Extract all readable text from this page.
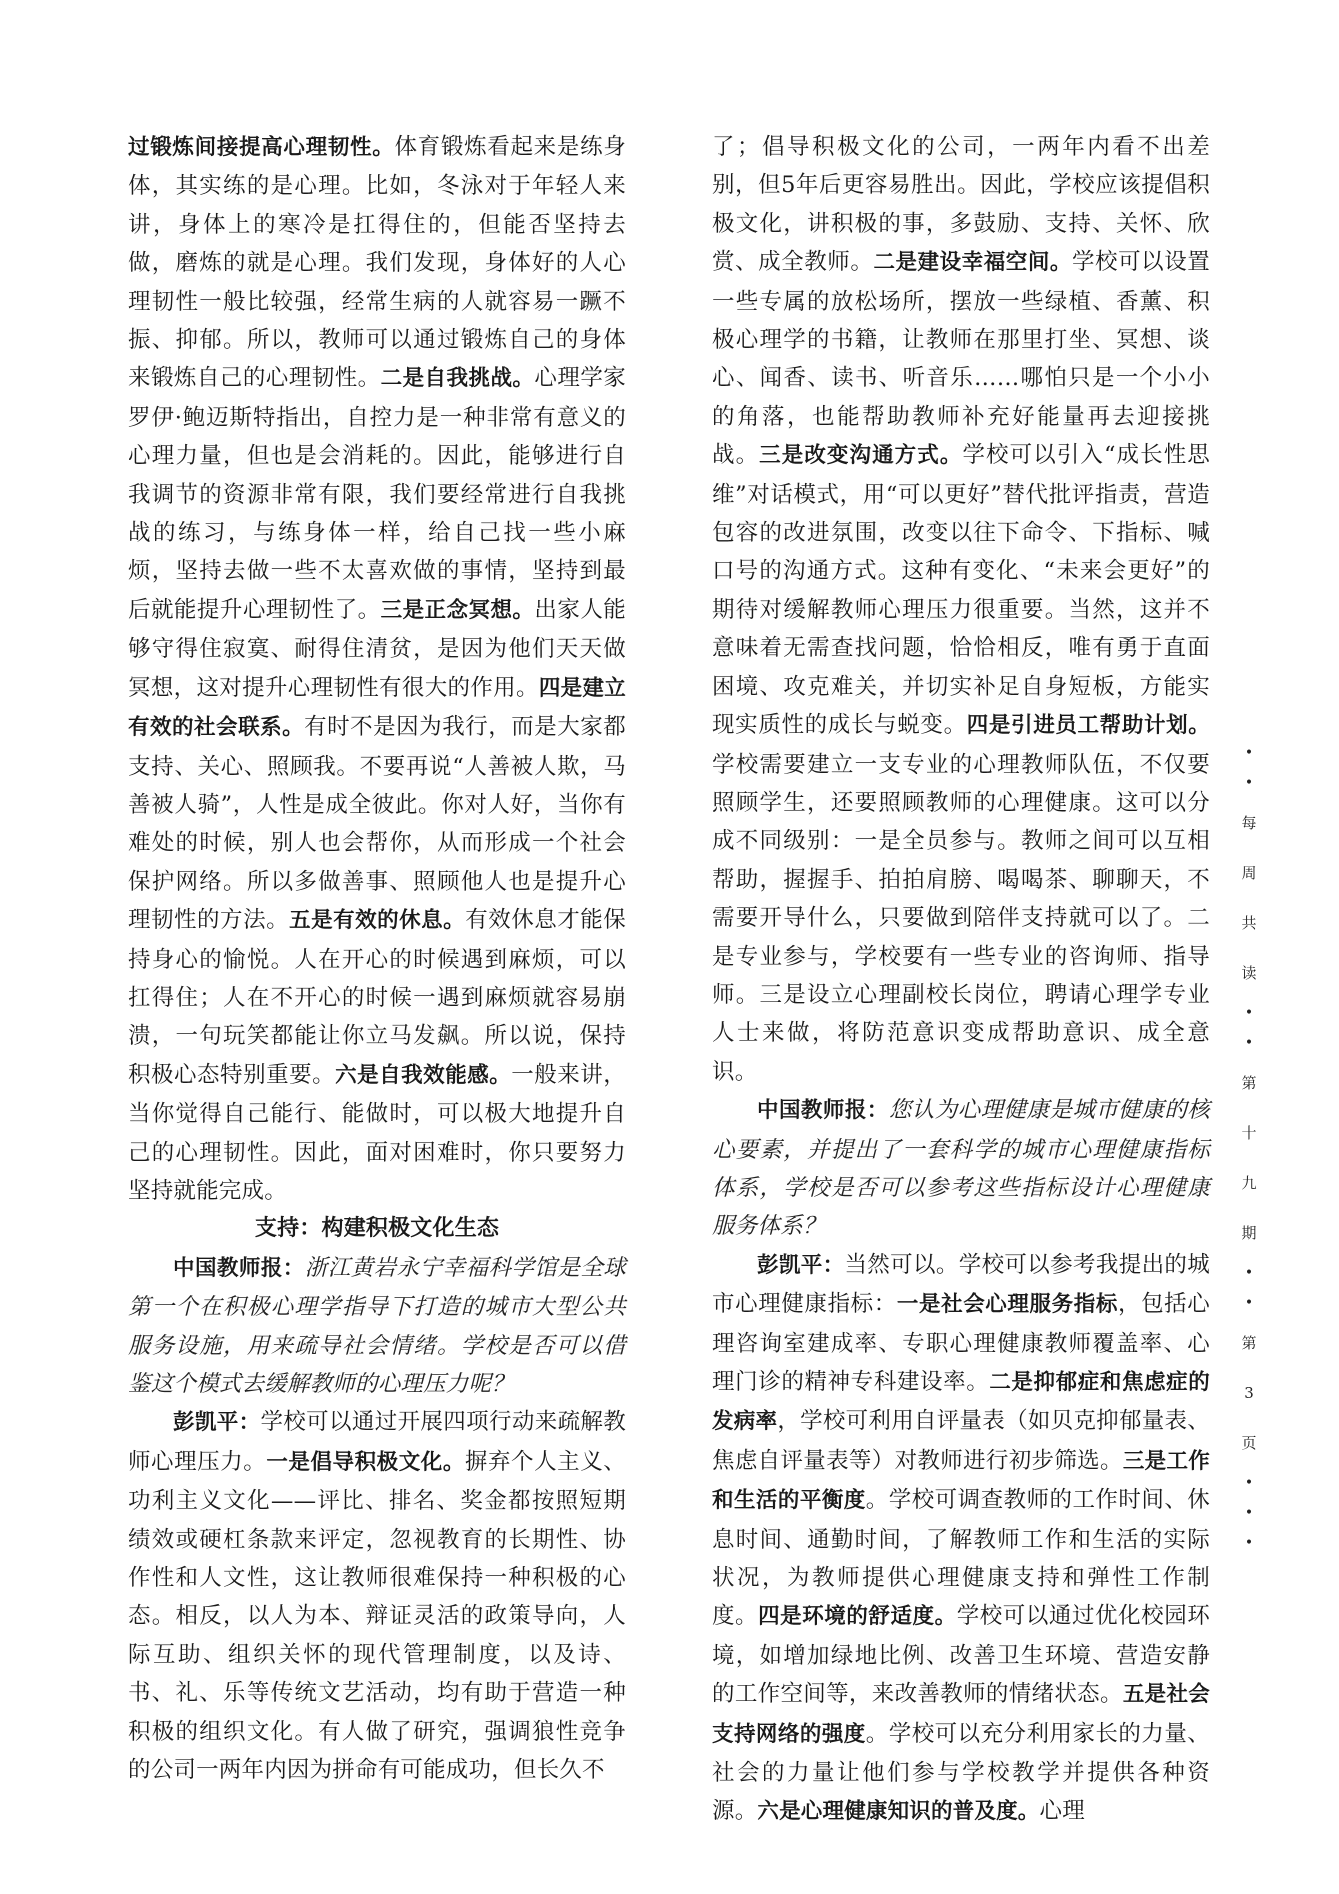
过锻炼间接提高心理韧性。体育锻炼看起来是练身体，其实练的是心理。比如，冬泳对于年轻人来讲，身体上的寒冷是扛得住的，但能否坚持去做，磨炼的就是心理。我们发现，身体好的人心理韧性一般比较强，经常生病的人就容易一蹶不振、抑郁。所以，教师可以通过锻炼自己的身体来锻炼自己的心理韧性。二是自我挑战。心理学家罗伊·鲍迈斯特指出，自控力是一种非常有意义的心理力量，但也是会消耗的。因此，能够进行自我调节的资源非常有限，我们要经常进行自我挑战的练习，与练身体一样，给自己找一些小麻烦，坚持去做一些不太喜欢做的事情，坚持到最后就能提升心理韧性了。三是正念冥想。出家人能够守得住寂寞、耐得住清贫，是因为他们天天做冥想，这对提升心理韧性有很大的作用。四是建立有效的社会联系。有时不是因为我行，而是大家都支持、关心、照顾我。不要再说“人善被人欺，马善被人骑”，人性是成全彼此。你对人好，当你有难处的时候，别人也会帮你，从而形成一个社会保护网络。所以多做善事、照顾他人也是提升心理韧性的方法。五是有效的休息。有效休息才能保持身心的愉悦。人在开心的时候遇到麻烦，可以扛得住；人在不开心的时候一遇到麻烦就容易崩溃，一句玩笑都能让你立马发飙。所以说，保持积极心态特别重要。六是自我效能感。一般来讲，当你觉得自己能行、能做时，可以极大地提升自己的心理韧性。因此，面对困难时，你只要努力坚持就能完成。

支持：构建积极文化生态

中国教师报：浙江黄岩永宁幸福科学馆是全球第一个在积极心理学指导下打造的城市大型公共服务设施，用来疏导社会情绪。学校是否可以借鉴这个模式去缓解教师的心理压力呢？

彭凯平：学校可以通过开展四项行动来疏解教师心理压力。一是倡导积极文化。摒弃个人主义、功利主义文化——评比、排名、奖金都按照短期绩效或硬杠条款来评定，忽视教育的长期性、协作性和人文性，这让教师很难保持一种积极的心态。相反，以人为本、辩证灵活的政策导向，人际互助、组织关怀的现代管理制度，以及诗、书、礼、乐等传统文艺活动，均有助于营造一种积极的组织文化。有人做了研究，强调狼性竞争的公司一两年内因为拼命有可能成功，但长久不

了；倡导积极文化的公司，一两年内看不出差别，但5年后更容易胜出。因此，学校应该提倡积极文化，讲积极的事，多鼓励、支持、关怀、欣赏、成全教师。二是建设幸福空间。学校可以设置一些专属的放松场所，摆放一些绿植、香薰、积极心理学的书籍，让教师在那里打坐、冥想、谈心、闻香、读书、听音乐……哪怕只是一个小小的角落，也能帮助教师补充好能量再去迎接挑战。三是改变沟通方式。学校可以引入“成长性思维”对话模式，用“可以更好”替代批评指责，营造包容的改进氛围，改变以往下命令、下指标、喊口号的沟通方式。这种有变化、“未来会更好”的期待对缓解教师心理压力很重要。当然，这并不意味着无需查找问题，恰恰相反，唯有勇于直面困境、攻克难关，并切实补足自身短板，方能实现实质性的成长与蜕变。四是引进员工帮助计划。学校需要建立一支专业的心理教师队伍，不仅要照顾学生，还要照顾教师的心理健康。这可以分成不同级别：一是全员参与。教师之间可以互相帮助，握握手、拍拍肩膀、喝喝茶、聊聊天，不需要开导什么，只要做到陪伴支持就可以了。二是专业参与，学校要有一些专业的咨询师、指导师。三是设立心理副校长岗位，聘请心理学专业人士来做，将防范意识变成帮助意识、成全意识。

中国教师报：您认为心理健康是城市健康的核心要素，并提出了一套科学的城市心理健康指标体系，学校是否可以参考这些指标设计心理健康服务体系？

彭凯平：当然可以。学校可以参考我提出的城市心理健康指标：一是社会心理服务指标，包括心理咨询室建成率、专职心理健康教师覆盖率、心理门诊的精神专科建设率。二是抑郁症和焦虑症的发病率，学校可利用自评量表（如贝克抑郁量表、焦虑自评量表等）对教师进行初步筛选。三是工作和生活的平衡度。学校可调查教师的工作时间、休息时间、通勤时间，了解教师工作和生活的实际状况，为教师提供心理健康支持和弹性工作制度。四是环境的舒适度。学校可以通过优化校园环境，如增加绿地比例、改善卫生环境、营造安静的工作空间等，来改善教师的情绪状态。五是社会支持网络的强度。学校可以充分利用家长的力量、社会的力量让他们参与学校教学并提供各种资源。六是心理健康知识的普及度。心理

•
•
每
周
共
读
•
•
第
十
九
期
•
•
第
3
页
•
•
•
